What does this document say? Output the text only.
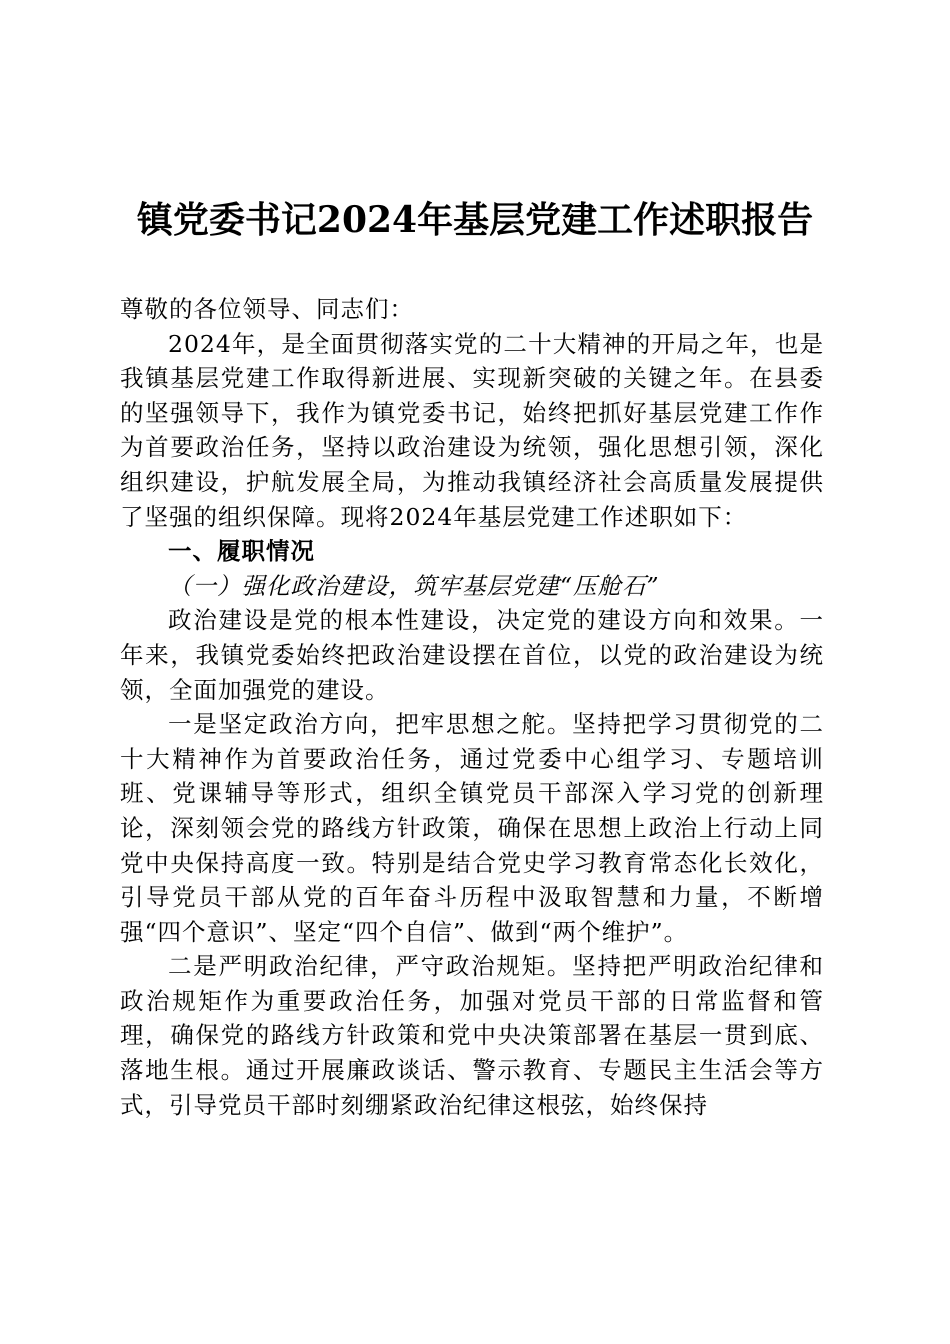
镇党委书记2024年基层党建工作述职报告

尊敬的各位领导、同志们：

2024年，是全面贯彻落实党的二十大精神的开局之年，也是我镇基层党建工作取得新进展、实现新突破的关键之年。在县委的坚强领导下，我作为镇党委书记，始终把抓好基层党建工作作为首要政治任务，坚持以政治建设为统领，强化思想引领，深化组织建设，护航发展全局，为推动我镇经济社会高质量发展提供了坚强的组织保障。现将2024年基层党建工作述职如下：

一、履职情况

（一）强化政治建设，筑牢基层党建“压舱石”

政治建设是党的根本性建设，决定党的建设方向和效果。一年来，我镇党委始终把政治建设摆在首位，以党的政治建设为统领，全面加强党的建设。

一是坚定政治方向，把牢思想之舵。坚持把学习贯彻党的二十大精神作为首要政治任务，通过党委中心组学习、专题培训班、党课辅导等形式，组织全镇党员干部深入学习党的创新理论，深刻领会党的路线方针政策，确保在思想上政治上行动上同党中央保持高度一致。特别是结合党史学习教育常态化长效化，引导党员干部从党的百年奋斗历程中汲取智慧和力量，不断增强“四个意识”、坚定“四个自信”、做到“两个维护”。

二是严明政治纪律，严守政治规矩。坚持把严明政治纪律和政治规矩作为重要政治任务，加强对党员干部的日常监督和管理，确保党的路线方针政策和党中央决策部署在基层一贯到底、落地生根。通过开展廉政谈话、警示教育、专题民主生活会等方式，引导党员干部时刻绷紧政治纪律这根弦，始终保持
